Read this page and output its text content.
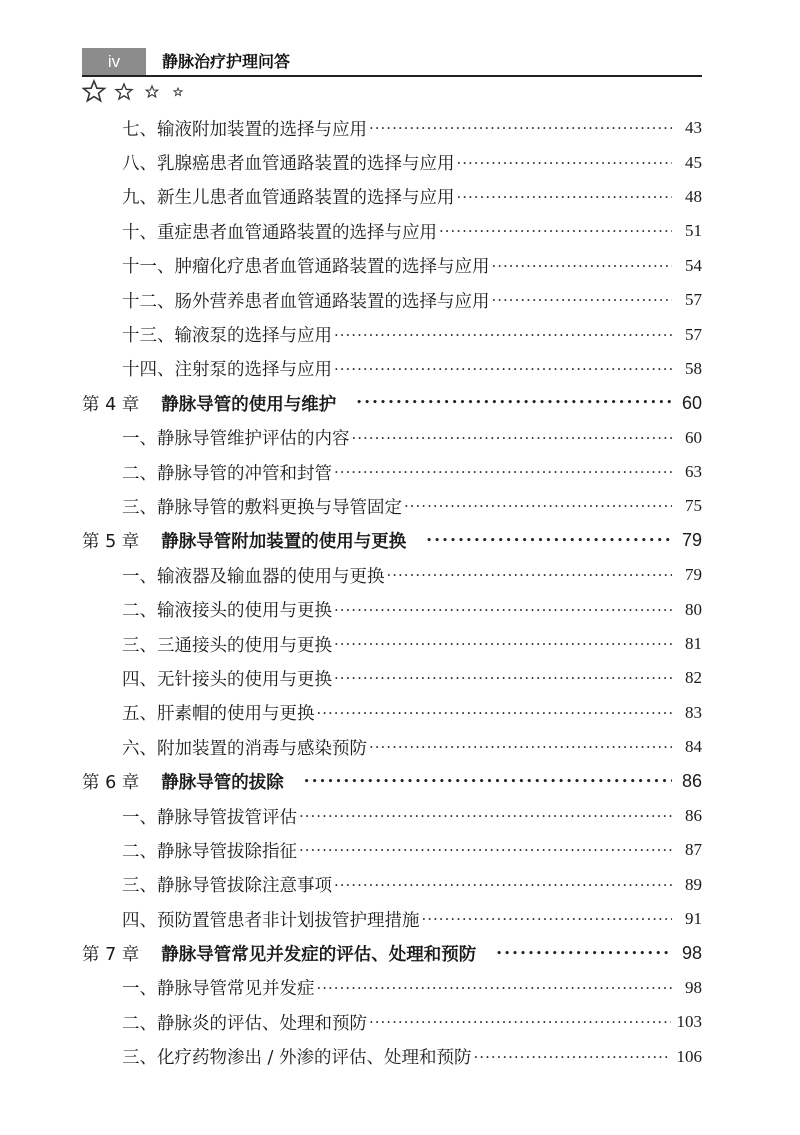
iv	静脉治疗护理问答
七、输液附加装置的选择与应用 ·····	43
八、乳腺癌患者血管通路装置的选择与应用 ·····	45
九、新生儿患者血管通路装置的选择与应用 ·····	48
十、重症患者血管通路装置的选择与应用 ·····	51
十一、肿瘤化疗患者血管通路装置的选择与应用 ·····	54
十二、肠外营养患者血管通路装置的选择与应用 ·····	57
十三、输液泵的选择与应用 ·····	57
十四、注射泵的选择与应用 ·····	58
第 4 章 静脉导管的使用与维护 •••••	60
一、静脉导管维护评估的内容 ·····	60
二、静脉导管的冲管和封管 ·····	63
三、静脉导管的敷料更换与导管固定 ·····	75
第 5 章 静脉导管附加装置的使用与更换 •••••	79
一、输液器及输血器的使用与更换 ·····	79
二、输液接头的使用与更换 ·····	80
三、三通接头的使用与更换 ·····	81
四、无针接头的使用与更换 ·····	82
五、肝素帽的使用与更换 ·····	83
六、附加装置的消毒与感染预防 ·····	84
第 6 章 静脉导管的拔除 •••••	86
一、静脉导管拔管评估 ·····	86
二、静脉导管拔除指征 ·····	87
三、静脉导管拔除注意事项 ·····	89
四、预防置管患者非计划拔管护理措施 ·····	91
第 7 章 静脉导管常见并发症的评估、处理和预防 •••••	98
一、静脉导管常见并发症 ·····	98
二、静脉炎的评估、处理和预防 ·····	103
三、化疗药物渗出 / 外渗的评估、处理和预防 ·····	106
